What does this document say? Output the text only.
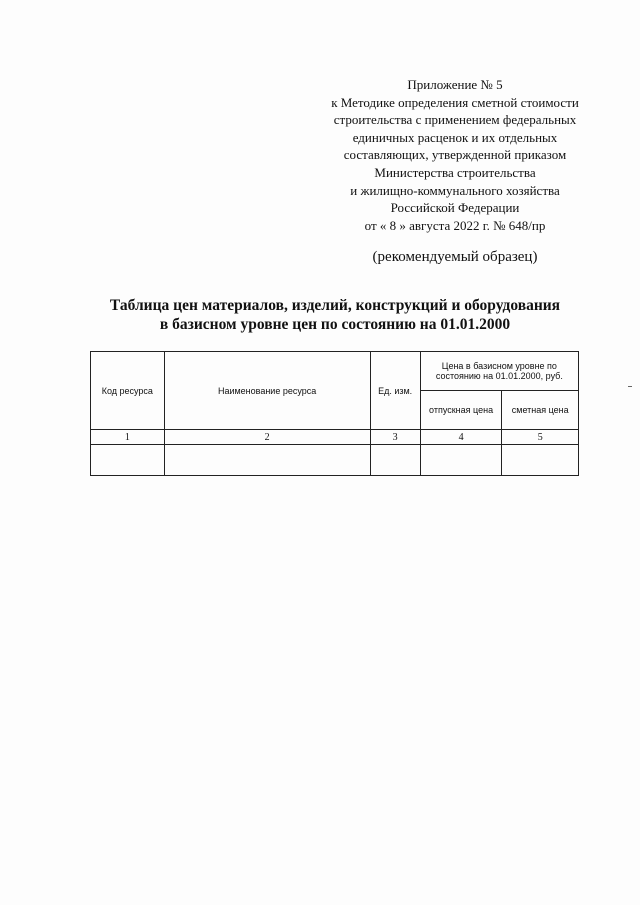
Приложение № 5
к Методике определения сметной стоимости
строительства с применением федеральных
единичных расценок и их отдельных
составляющих, утвержденной приказом
Министерства строительства
и жилищно-коммунального хозяйства
Российской Федерации
от « 8 » августа 2022 г. № 648/пр
(рекомендуемый образец)
Таблица цен материалов, изделий, конструкций и оборудования
в базисном уровне цен по состоянию на 01.01.2000
Код ресурса	Наименование ресурса	Ед. изм.	Цена в базисном уровне по состоянию на 01.01.2000, руб.	
			отпускная цена	сметная цена
1	2	3	4	5
